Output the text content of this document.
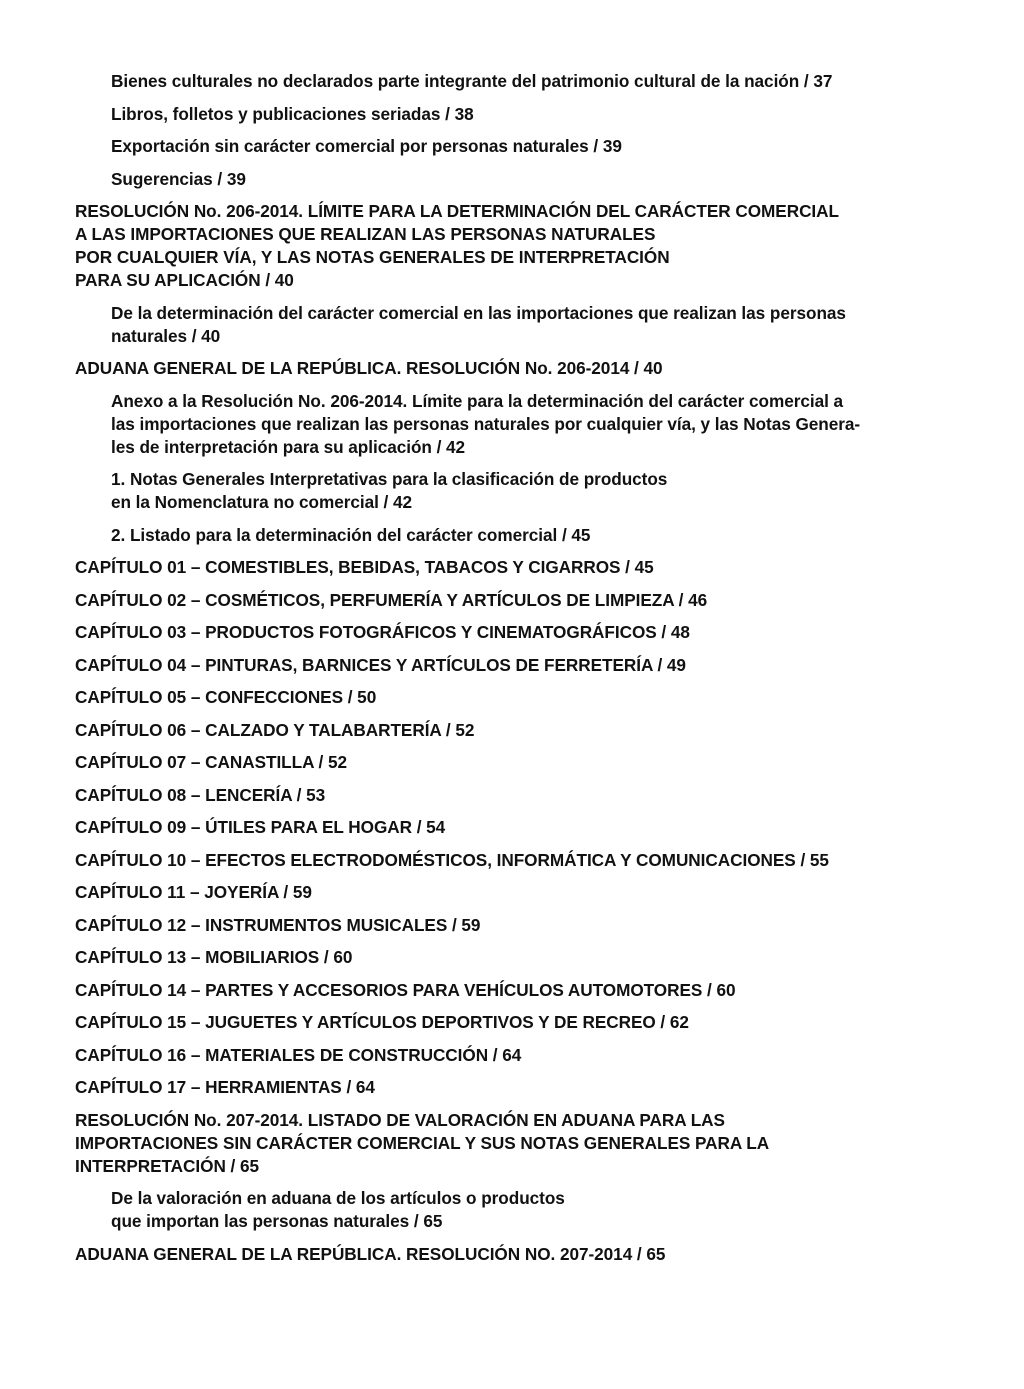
Bienes culturales no declarados parte integrante del patrimonio cultural de la nación / 37
Libros, folletos y publicaciones seriadas / 38
Exportación sin carácter comercial por personas naturales / 39
Sugerencias / 39
RESOLUCIÓN No. 206-2014. LÍMITE PARA LA DETERMINACIÓN DEL CARÁCTER COMERCIAL
A LAS IMPORTACIONES QUE REALIZAN LAS PERSONAS NATURALES
POR CUALQUIER VÍA, Y LAS NOTAS GENERALES DE INTERPRETACIÓN
PARA SU APLICACIÓN / 40
De la determinación del carácter comercial en las importaciones que realizan las personas
naturales / 40
ADUANA GENERAL DE LA REPÚBLICA. RESOLUCIÓN No. 206-2014 / 40
Anexo a la Resolución No. 206-2014. Límite para la determinación del carácter comercial a
las importaciones que realizan las personas naturales por cualquier vía, y las Notas Genera-
les de interpretación para su aplicación / 42
1. Notas Generales Interpretativas para la clasificación de productos
en la Nomenclatura no comercial / 42
2. Listado para la determinación del carácter comercial / 45
CAPÍTULO 01 – COMESTIBLES, BEBIDAS, TABACOS Y CIGARROS / 45
CAPÍTULO 02 – COSMÉTICOS, PERFUMERÍA Y ARTÍCULOS DE LIMPIEZA / 46
CAPÍTULO 03 – PRODUCTOS FOTOGRÁFICOS Y CINEMATOGRÁFICOS / 48
CAPÍTULO 04 – PINTURAS, BARNICES Y ARTÍCULOS DE FERRETERÍA / 49
CAPÍTULO 05 – CONFECCIONES / 50
CAPÍTULO 06 – CALZADO Y TALABARTERÍA / 52
CAPÍTULO 07 – CANASTILLA / 52
CAPÍTULO 08 – LENCERÍA / 53
CAPÍTULO 09 – ÚTILES PARA EL HOGAR / 54
CAPÍTULO 10 – EFECTOS ELECTRODOMÉSTICOS, INFORMÁTICA Y COMUNICACIONES / 55
CAPÍTULO 11 – JOYERÍA / 59
CAPÍTULO 12 – INSTRUMENTOS MUSICALES / 59
CAPÍTULO 13 – MOBILIARIOS / 60
CAPÍTULO 14 – PARTES Y ACCESORIOS PARA VEHÍCULOS AUTOMOTORES / 60
CAPÍTULO 15 – JUGUETES Y ARTÍCULOS DEPORTIVOS Y DE RECREO / 62
CAPÍTULO 16 – MATERIALES DE CONSTRUCCIÓN / 64
CAPÍTULO 17 – HERRAMIENTAS / 64
RESOLUCIÓN No. 207-2014. LISTADO DE VALORACIÓN EN ADUANA PARA LAS
IMPORTACIONES SIN CARÁCTER COMERCIAL Y SUS NOTAS GENERALES PARA LA
INTERPRETACIÓN / 65
De la valoración en aduana de los artículos o productos
que importan las personas naturales / 65
ADUANA GENERAL DE LA REPÚBLICA. RESOLUCIÓN NO. 207-2014 / 65
